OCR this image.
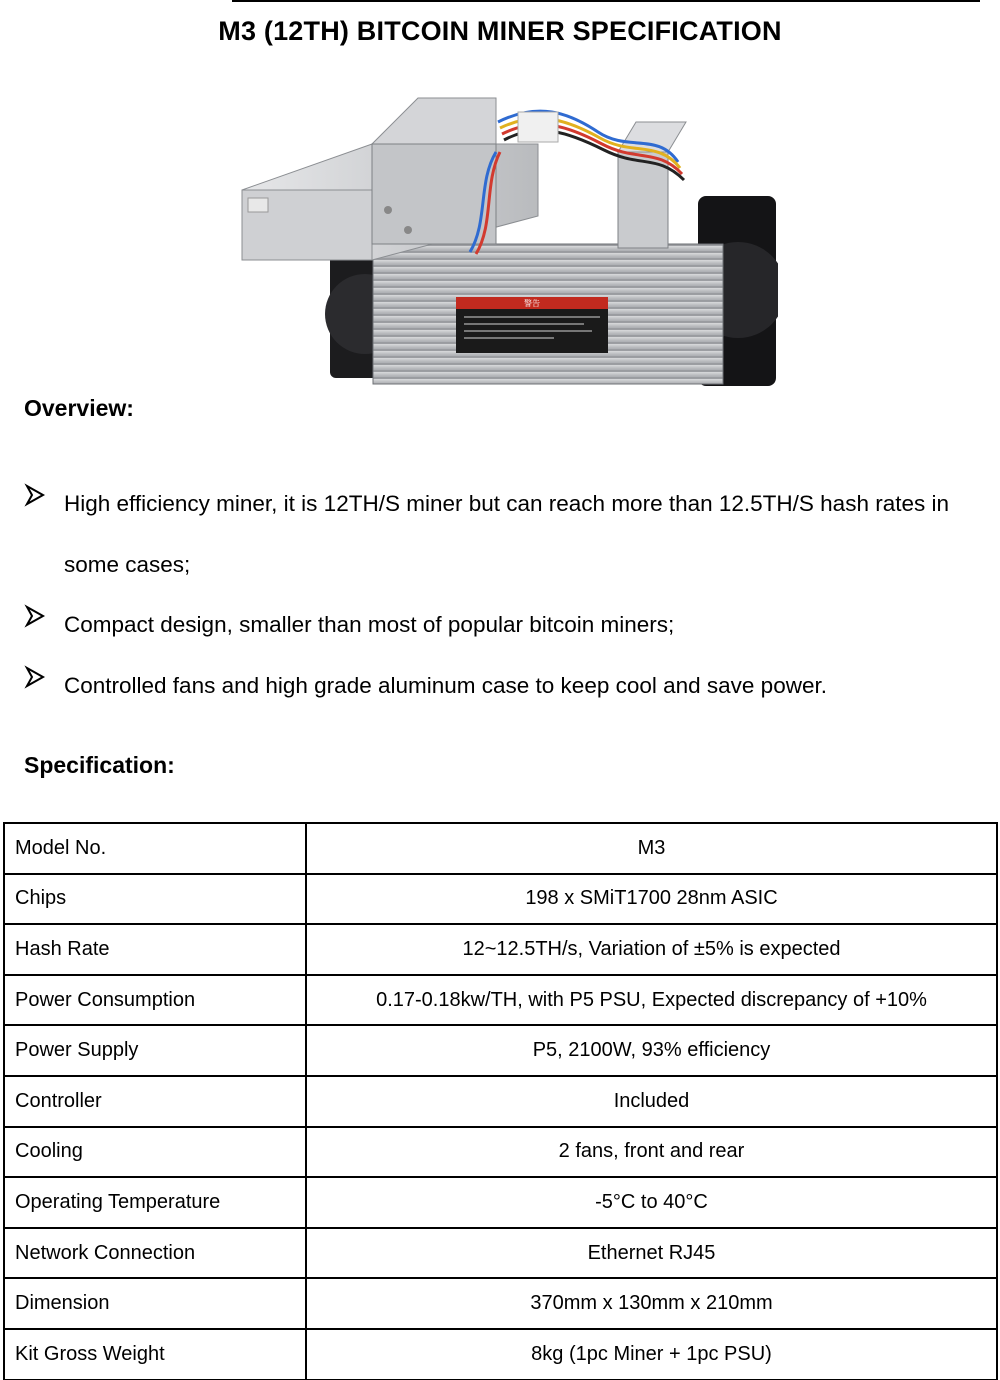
M3 (12TH) BITCOIN MINER SPECIFICATION
警告
Overview:
High efficiency miner, it is 12TH/S miner but can reach more than 12.5TH/S hash rates in some cases;
Compact design, smaller than most of popular bitcoin miners;
Controlled fans and high grade aluminum case to keep cool and save power.
Specification:
Model No.	M3
Chips	198 x SMiT1700 28nm ASIC
Hash Rate	12~12.5TH/s, Variation of ±5% is expected
Power Consumption	0.17-0.18kw/TH, with P5 PSU, Expected discrepancy of +10%
Power Supply	P5, 2100W, 93% efficiency
Controller	Included
Cooling	2 fans, front and rear
Operating Temperature	-5°C to 40°C
Network Connection	Ethernet RJ45
Dimension	370mm x 130mm x 210mm
Kit Gross Weight	8kg (1pc Miner + 1pc PSU)
